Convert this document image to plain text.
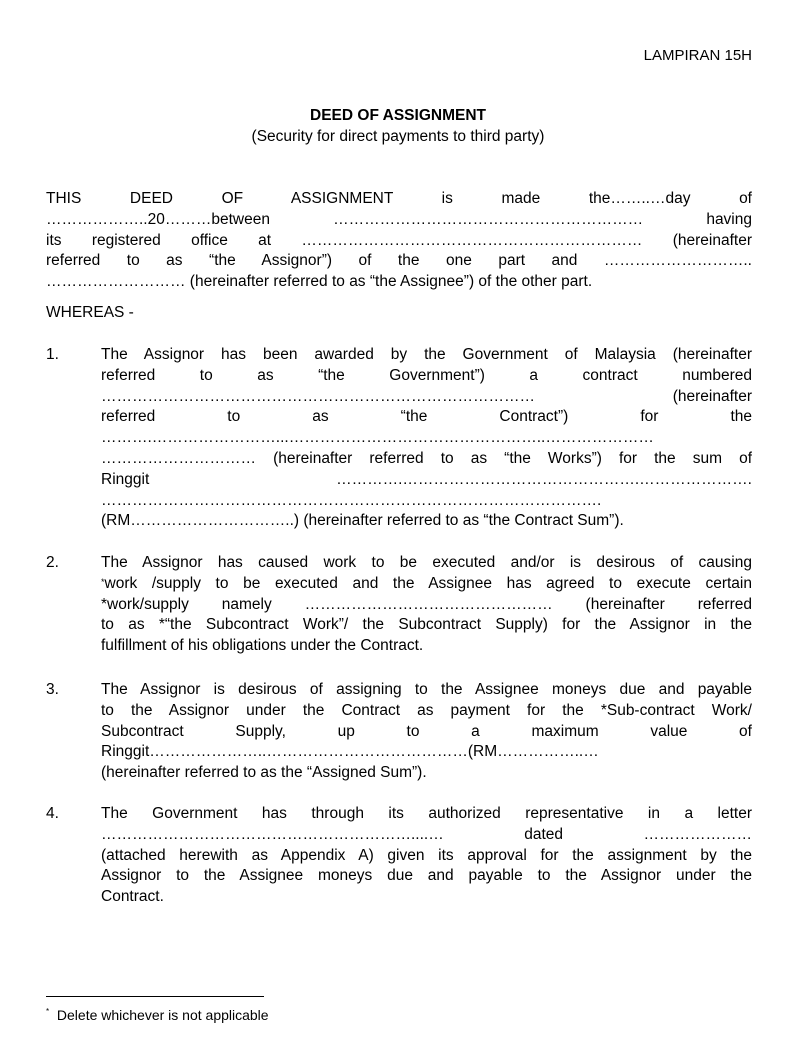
LAMPIRAN 15H
DEED OF ASSIGNMENT
(Security for direct payments to third party)
THIS DEED OF ASSIGNMENT is made the……..…day of
………………..20………between …………………………………………………… having
its registered office at ………………………………………………………… (hereinafter
referred to as “the Assignor”) of the one part and ………………………..
……………………… (hereinafter referred to as “the Assignee”) of the other part.
WHEREAS -
1.	The Assignor has been awarded by the Government of Malaysia (hereinafter
referred to as “the Government”) a contract numbered
………………………………………………………………………… (hereinafter
referred to as “the Contract”) for the
……….……………………...…………………………………………..…………………
………………………… (hereinafter referred to as “the Works”) for the sum of
Ringgit ………….……………………………………….………………….
…………………………………………………………………………………….
(RM…………………………..) (hereinafter referred to as “the Contract Sum”).
2.	The Assignor has caused work to be executed and/or is desirous of causing
*work /supply to be executed and the Assignee has agreed to execute certain
*work/supply namely ………………………………………… (hereinafter referred
to as *“the Subcontract Work”/ the Subcontract Supply) for the Assignor in the
fulfillment of his obligations under the Contract.
3.	The Assignor is desirous of assigning to the Assignee moneys due and payable
to the Assignor under the Contract as payment for the *Sub-contract Work/
Subcontract Supply, up to a maximum value of
Ringgit…………………..…………………………………(RM……………..…
(hereinafter referred to as the “Assigned Sum”).
4.	The Government has through its authorized representative in a letter
……………………………………………………....… dated …………………
(attached herewith as Appendix A) given its approval for the assignment by the
Assignor to the Assignee moneys due and payable to the Assignor under the
Contract.
* Delete whichever is not applicable
